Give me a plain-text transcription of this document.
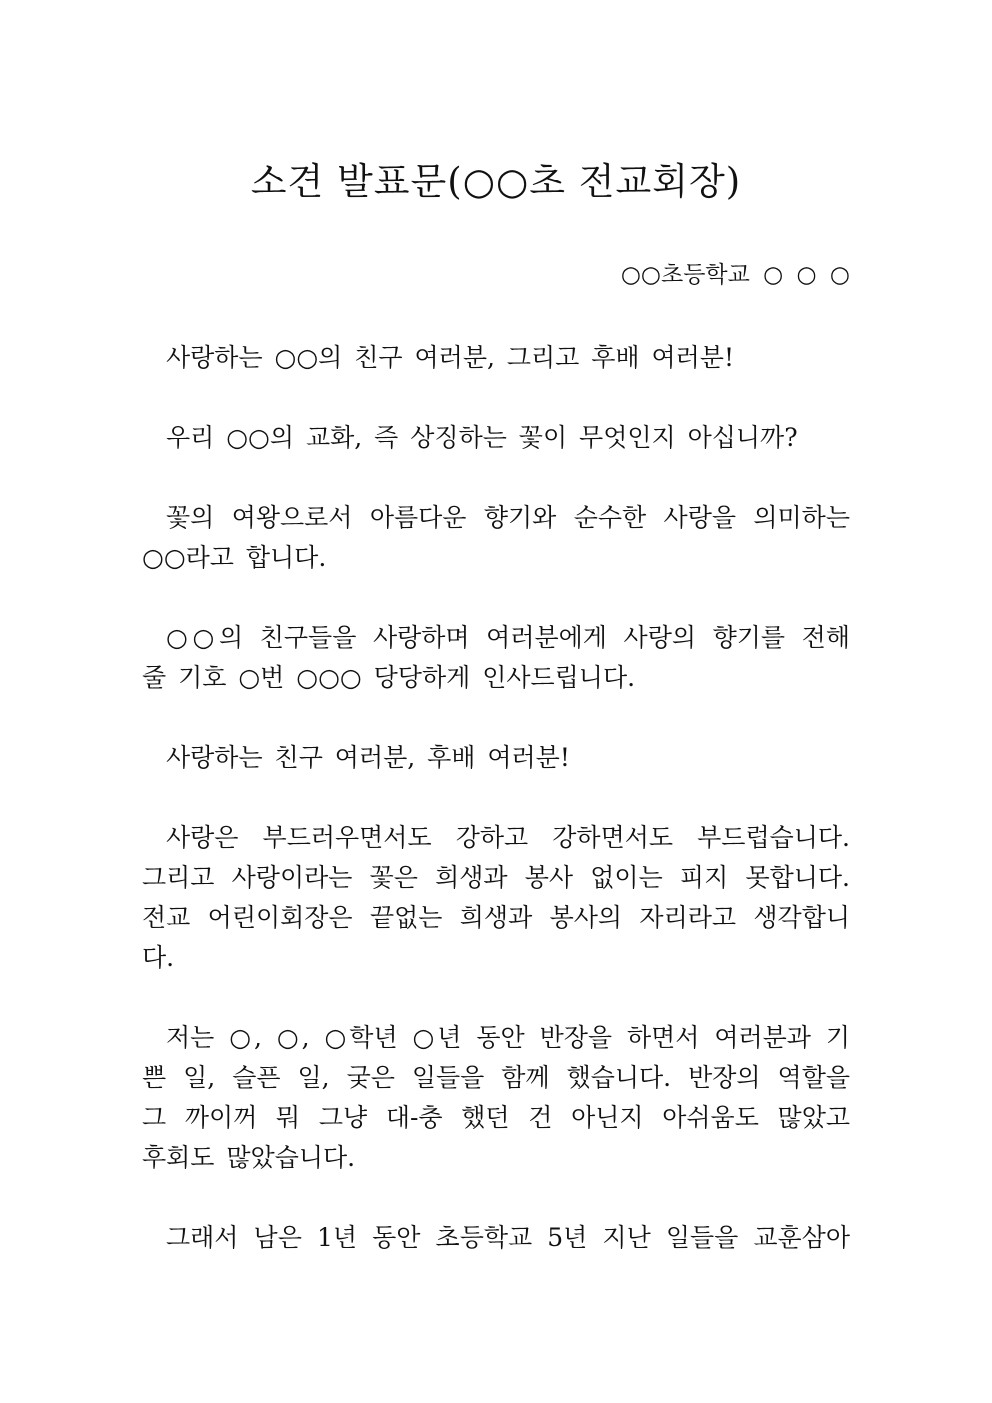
소견 발표문(○○초 전교회장)

○○초등학교 ○ ○ ○

사랑하는 ○○의 친구 여러분, 그리고 후배 여러분!

우리 ○○의 교화, 즉 상징하는 꽃이 무엇인지 아십니까?

꽃의 여왕으로서 아름다운 향기와 순수한 사랑을 의미하는
○○라고 합니다.

○○의 친구들을 사랑하며 여러분에게 사랑의 향기를 전해
줄 기호 ○번 ○○○ 당당하게 인사드립니다.

사랑하는 친구 여러분, 후배 여러분!

사랑은 부드러우면서도 강하고 강하면서도 부드럽습니다.
그리고 사랑이라는 꽃은 희생과 봉사 없이는 피지 못합니다.
전교 어린이회장은 끝없는 희생과 봉사의 자리라고 생각합니
다.

저는 ○, ○, ○학년 ○년 동안 반장을 하면서 여러분과 기
쁜 일, 슬픈 일, 궂은 일들을 함께 했습니다. 반장의 역할을
그 까이꺼 뭐 그냥 대-충 했던 건 아닌지 아쉬움도 많았고
후회도 많았습니다.

그래서 남은 1년 동안 초등학교 5년 지난 일들을 교훈삼아
